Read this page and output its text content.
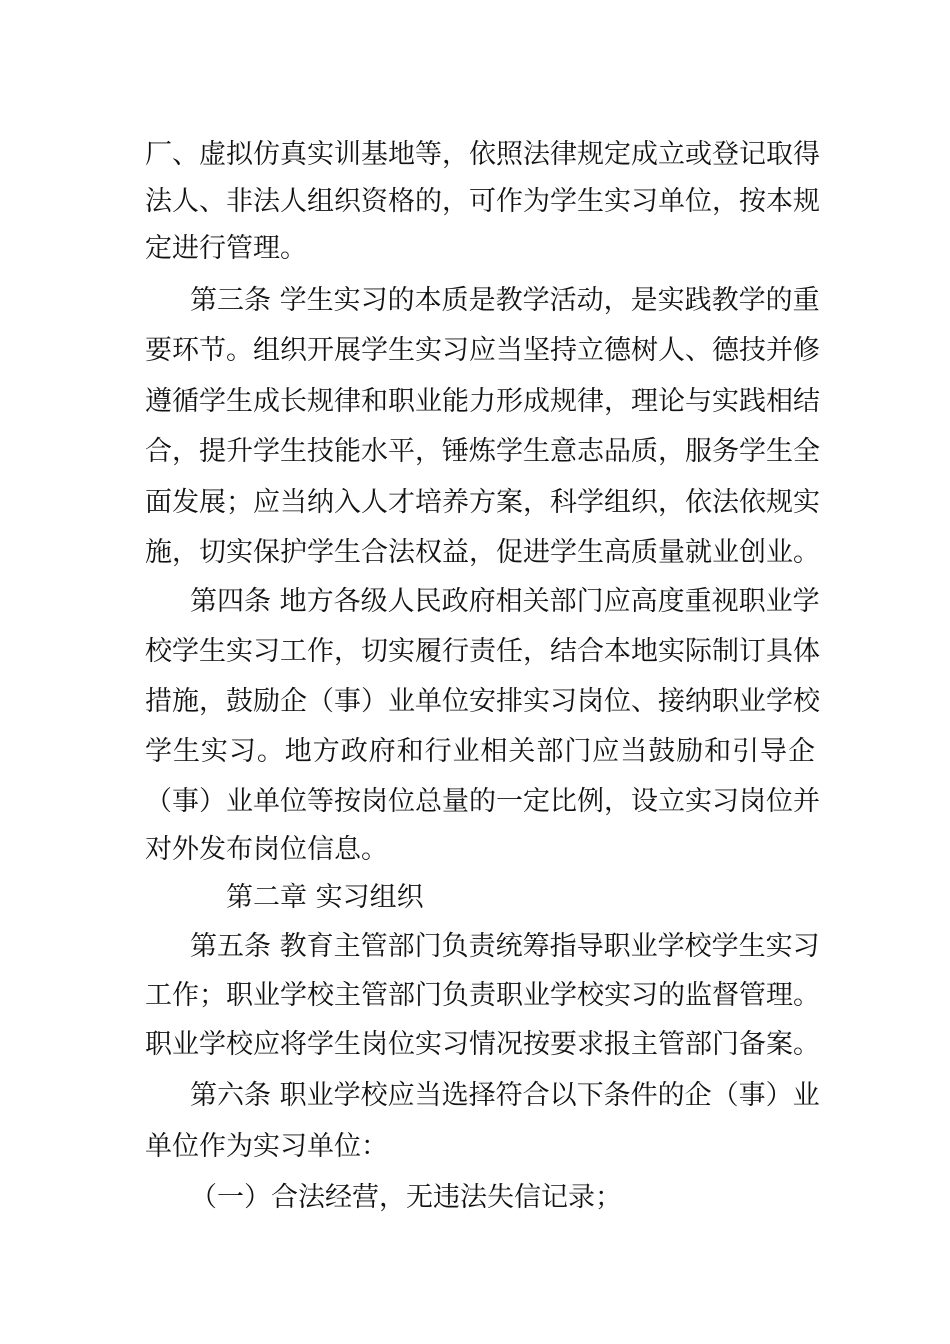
厂、虚拟仿真实训基地等，依照法律规定成立或登记取得
法人、非法人组织资格的，可作为学生实习单位，按本规
定进行管理。
第三条 学生实习的本质是教学活动，是实践教学的重
要环节。组织开展学生实习应当坚持立德树人、德技并修
遵循学生成长规律和职业能力形成规律，理论与实践相结
合，提升学生技能水平，锤炼学生意志品质，服务学生全
面发展；应当纳入人才培养方案，科学组织，依法依规实
施，切实保护学生合法权益，促进学生高质量就业创业。
第四条 地方各级人民政府相关部门应高度重视职业学
校学生实习工作，切实履行责任，结合本地实际制订具体
措施，鼓励企（事）业单位安排实习岗位、接纳职业学校
学生实习。地方政府和行业相关部门应当鼓励和引导企
（事）业单位等按岗位总量的一定比例，设立实习岗位并
对外发布岗位信息。
第二章 实习组织
第五条 教育主管部门负责统筹指导职业学校学生实习
工作；职业学校主管部门负责职业学校实习的监督管理。
职业学校应将学生岗位实习情况按要求报主管部门备案。
第六条 职业学校应当选择符合以下条件的企（事）业
单位作为实习单位：
（一）合法经营，无违法失信记录；
